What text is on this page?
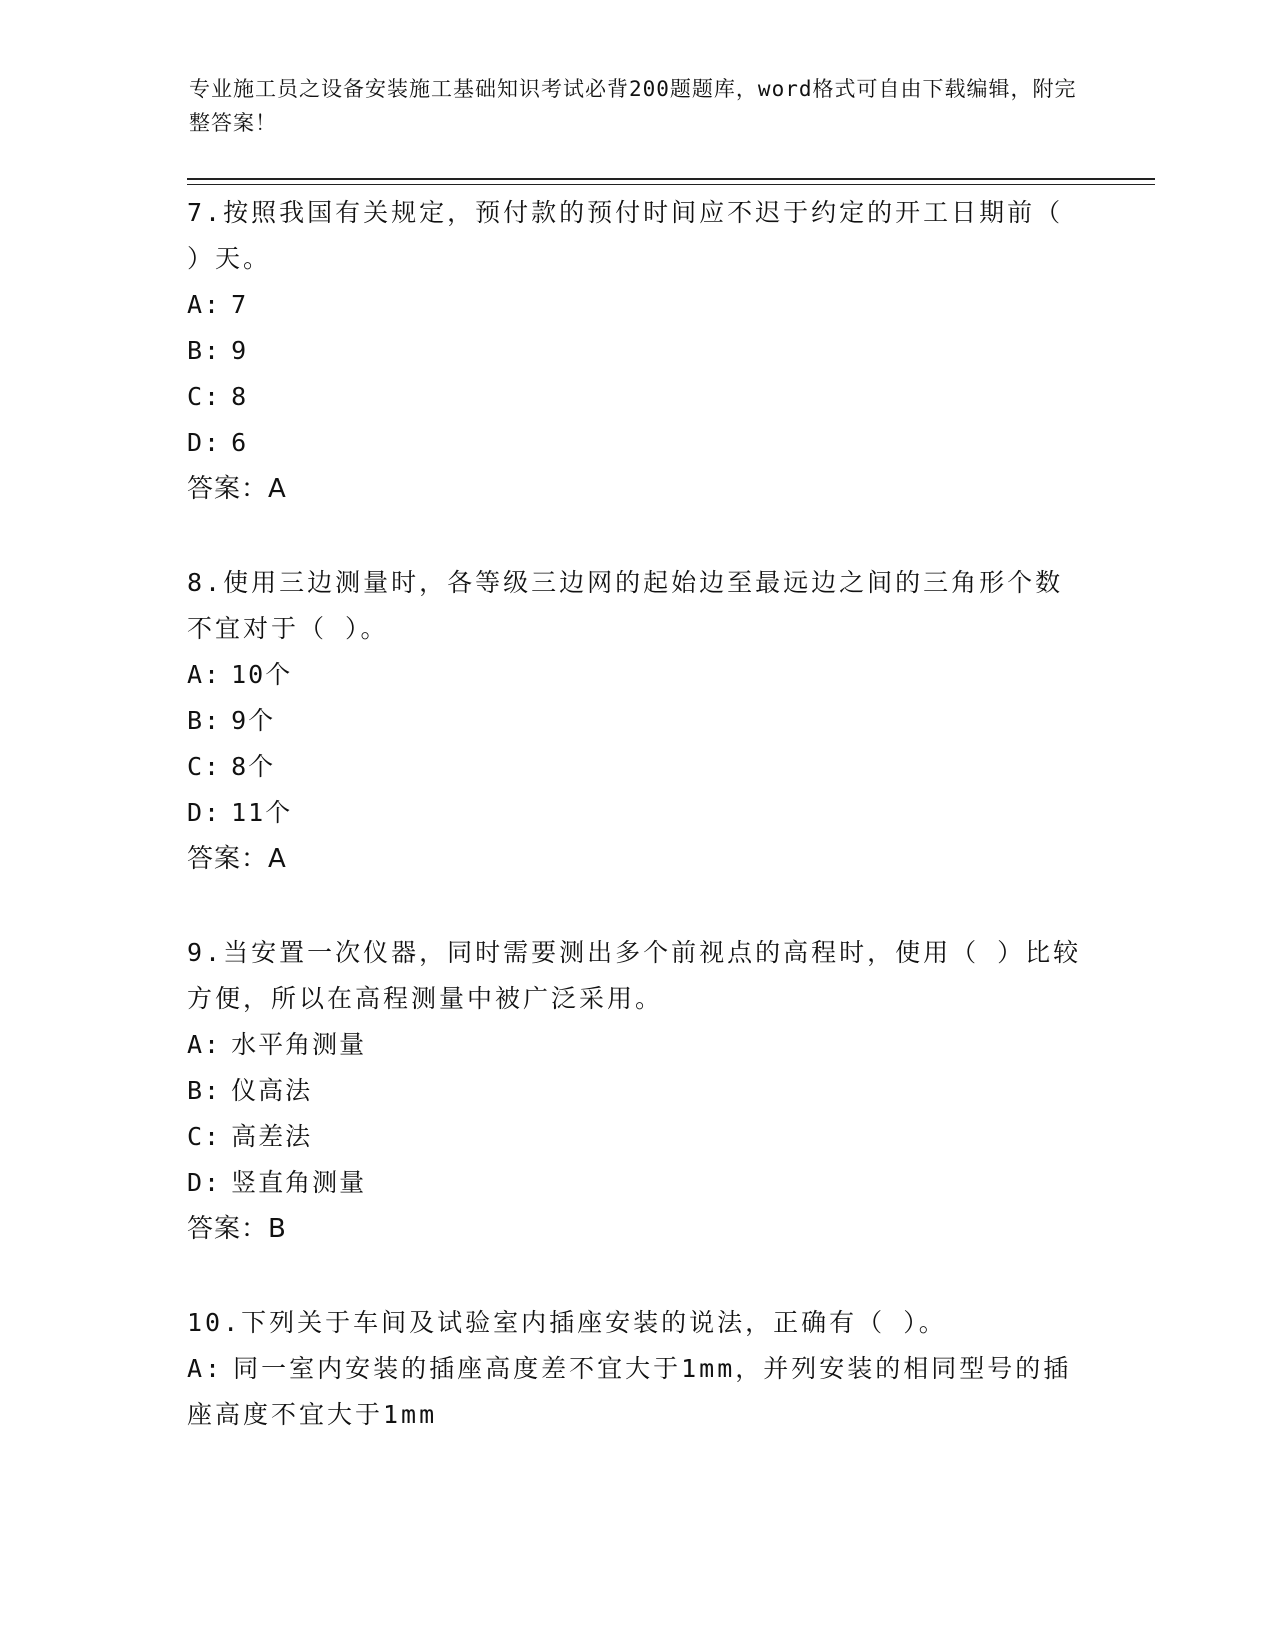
专业施工员之设备安装施工基础知识考试必背200题题库，word格式可自由下载编辑，附完整答案！

7.按照我国有关规定，预付款的预付时间应不迟于约定的开工日期前（ ）天。

A: 7

B: 9

C: 8

D: 6

答案：A

8.使用三边测量时，各等级三边网的起始边至最远边之间的三角形个数不宜对于（ ）。

A: 10个

B: 9个

C: 8个

D: 11个

答案：A

9.当安置一次仪器，同时需要测出多个前视点的高程时，使用（ ）比较方便，所以在高程测量中被广泛采用。

A: 水平角测量

B: 仪高法

C: 高差法

D: 竖直角测量

答案：B

10.下列关于车间及试验室内插座安装的说法，正确有（ ）。

A: 同一室内安装的插座高度差不宜大于1mm，并列安装的相同型号的插座高度不宜大于1mm
